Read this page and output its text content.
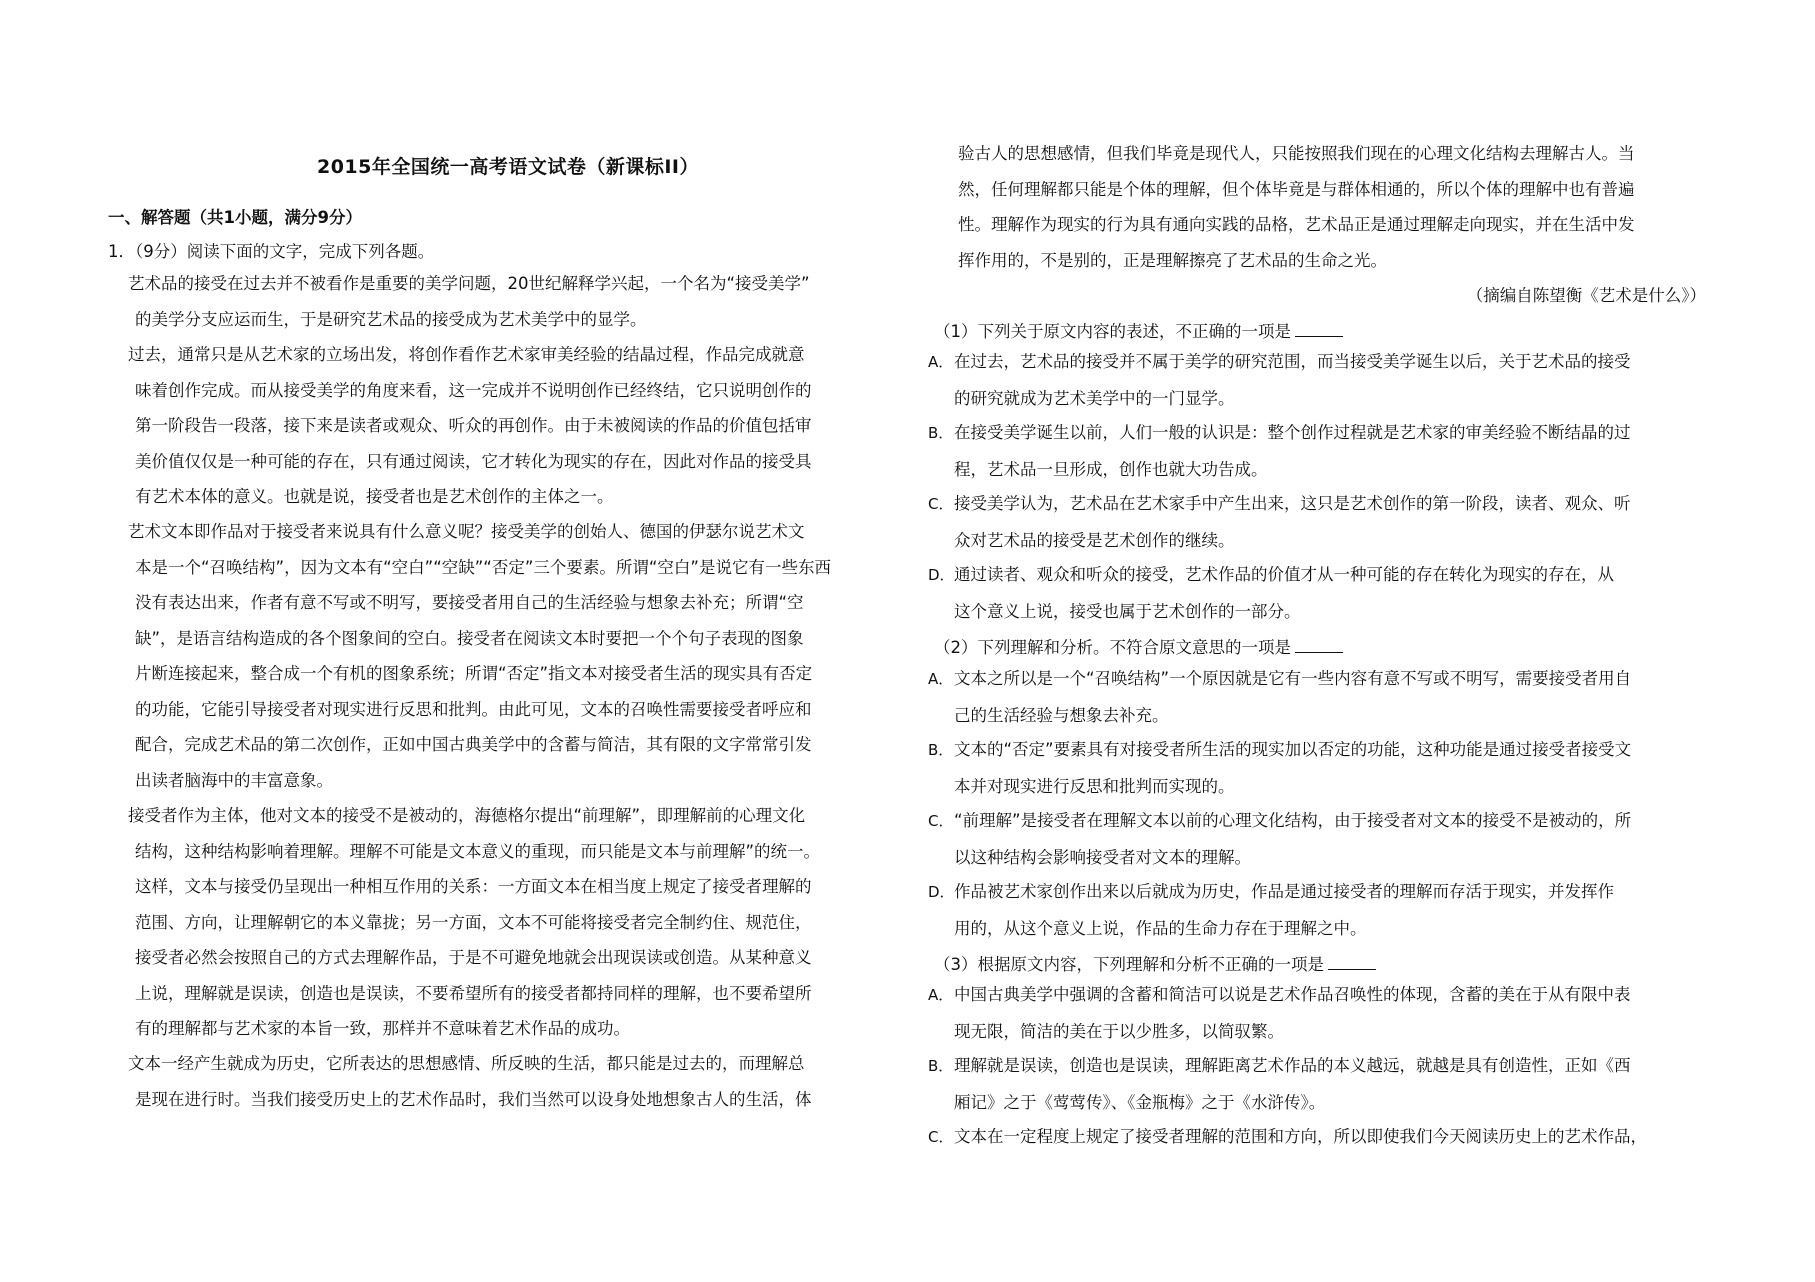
2015年全国统一高考语文试卷（新课标II）
一、解答题（共1小题，满分9分）
1．（9分）阅读下面的文字，完成下列各题。
艺术品的接受在过去并不被看作是重要的美学问题，20世纪解释学兴起，一个名为“接受美学”
的美学分支应运而生，于是研究艺术品的接受成为艺术美学中的显学。
过去，通常只是从艺术家的立场出发，将创作看作艺术家审美经验的结晶过程，作品完成就意
味着创作完成。而从接受美学的角度来看，这一完成并不说明创作已经终结，它只说明创作的
第一阶段告一段落，接下来是读者或观众、听众的再创作。由于未被阅读的作品的价值包括审
美价值仅仅是一种可能的存在，只有通过阅读，它才转化为现实的存在，因此对作品的接受具
有艺术本体的意义。也就是说，接受者也是艺术创作的主体之一。
艺术文本即作品对于接受者来说具有什么意义呢？接受美学的创始人、德国的伊瑟尔说艺术文
本是一个“召唤结构”，因为文本有“空白”“空缺”“否定”三个要素。所谓“空白”是说它有一些东西
没有表达出来，作者有意不写或不明写，要接受者用自己的生活经验与想象去补充；所谓“空
缺”，是语言结构造成的各个图象间的空白。接受者在阅读文本时要把一个个句子表现的图象
片断连接起来，整合成一个有机的图象系统；所谓“否定”指文本对接受者生活的现实具有否定
的功能，它能引导接受者对现实进行反思和批判。由此可见，文本的召唤性需要接受者呼应和
配合，完成艺术品的第二次创作，正如中国古典美学中的含蓄与简洁，其有限的文字常常引发
出读者脑海中的丰富意象。
接受者作为主体，他对文本的接受不是被动的，海德格尔提出“前理解”，即理解前的心理文化
结构，这种结构影响着理解。理解不可能是文本意义的重现，而只能是文本与前理解”的统一。
这样，文本与接受仍呈现出一种相互作用的关系：一方面文本在相当度上规定了接受者理解的
范围、方向，让理解朝它的本义靠拢；另一方面，文本不可能将接受者完全制约住、规范住，
接受者必然会按照自己的方式去理解作品，于是不可避免地就会出现误读或创造。从某种意义
上说，理解就是误读，创造也是误读，不要希望所有的接受者都持同样的理解，也不要希望所
有的理解都与艺术家的本旨一致，那样并不意味着艺术作品的成功。
文本一经产生就成为历史，它所表达的思想感情、所反映的生活，都只能是过去的，而理解总
是现在进行时。当我们接受历史上的艺术作品时，我们当然可以设身处地想象古人的生活，体
验古人的思想感情，但我们毕竟是现代人，只能按照我们现在的心理文化结构去理解古人。当
然，任何理解都只能是个体的理解，但个体毕竟是与群体相通的，所以个体的理解中也有普遍
性。理解作为现实的行为具有通向实践的品格，艺术品正是通过理解走向现实，并在生活中发
挥作用的，不是别的，正是理解擦亮了艺术品的生命之光。
（摘编自陈望衡《艺术是什么》）
（1）下列关于原文内容的表述，不正确的一项是
A．在过去，艺术品的接受并不属于美学的研究范围，而当接受美学诞生以后，关于艺术品的接受
的研究就成为艺术美学中的一门显学。
B．在接受美学诞生以前，人们一般的认识是：整个创作过程就是艺术家的审美经验不断结晶的过
程，艺术品一旦形成，创作也就大功告成。
C．接受美学认为，艺术品在艺术家手中产生出来，这只是艺术创作的第一阶段，读者、观众、听
众对艺术品的接受是艺术创作的继续。
D．通过读者、观众和听众的接受，艺术作品的价值才从一种可能的存在转化为现实的存在，从
这个意义上说，接受也属于艺术创作的一部分。
（2）下列理解和分析。不符合原文意思的一项是
A．文本之所以是一个“召唤结构”一个原因就是它有一些内容有意不写或不明写，需要接受者用自
己的生活经验与想象去补充。
B．文本的“否定”要素具有对接受者所生活的现实加以否定的功能，这种功能是通过接受者接受文
本并对现实进行反思和批判而实现的。
C．“前理解”是接受者在理解文本以前的心理文化结构，由于接受者对文本的接受不是被动的，所
以这种结构会影响接受者对文本的理解。
D．作品被艺术家创作出来以后就成为历史，作品是通过接受者的理解而存活于现实，并发挥作
用的，从这个意义上说，作品的生命力存在于理解之中。
（3）根据原文内容，下列理解和分析不正确的一项是
A．中国古典美学中强调的含蓄和简洁可以说是艺术作品召唤性的体现，含蓄的美在于从有限中表
现无限，简洁的美在于以少胜多，以简驭繁。
B．理解就是误读，创造也是误读，理解距离艺术作品的本义越远，就越是具有创造性，正如《西
厢记》之于《莺莺传》、《金瓶梅》之于《水浒传》。
C．文本在一定程度上规定了接受者理解的范围和方向，所以即使我们今天阅读历史上的艺术作品，
